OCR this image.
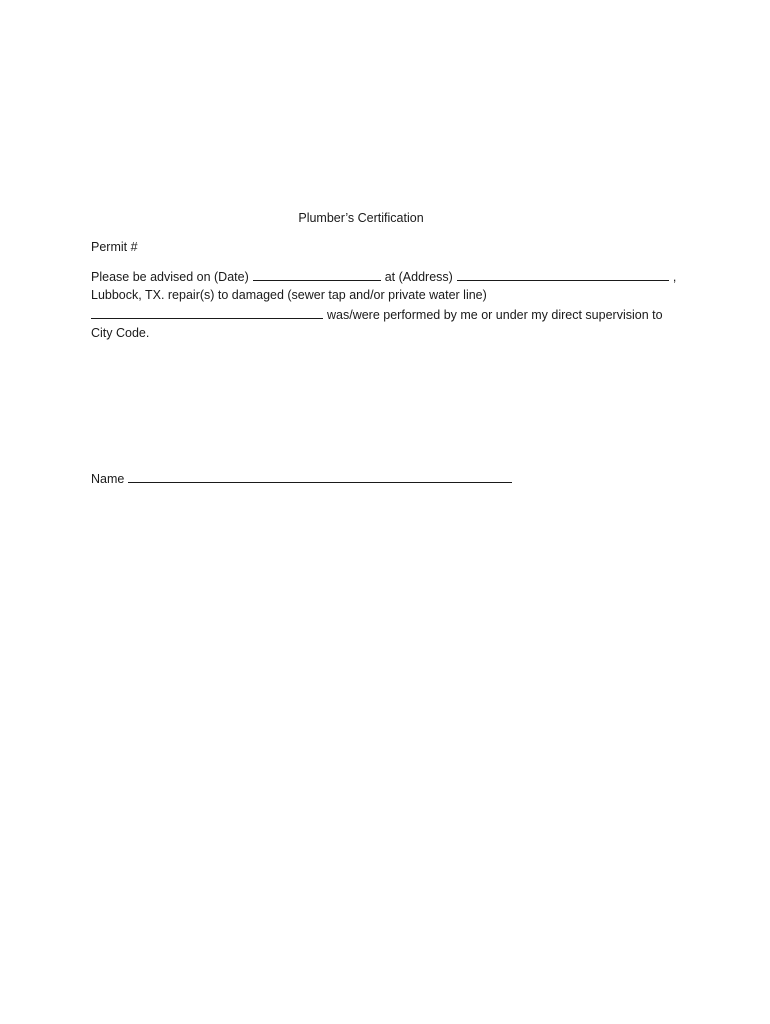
Plumber’s Certification
Permit #
Please be advised on (Date)	at (Address)	,
Lubbock, TX. repair(s) to damaged (sewer tap and/or private water line)
was/were performed by me or under my direct supervision to
City Code.
Name
